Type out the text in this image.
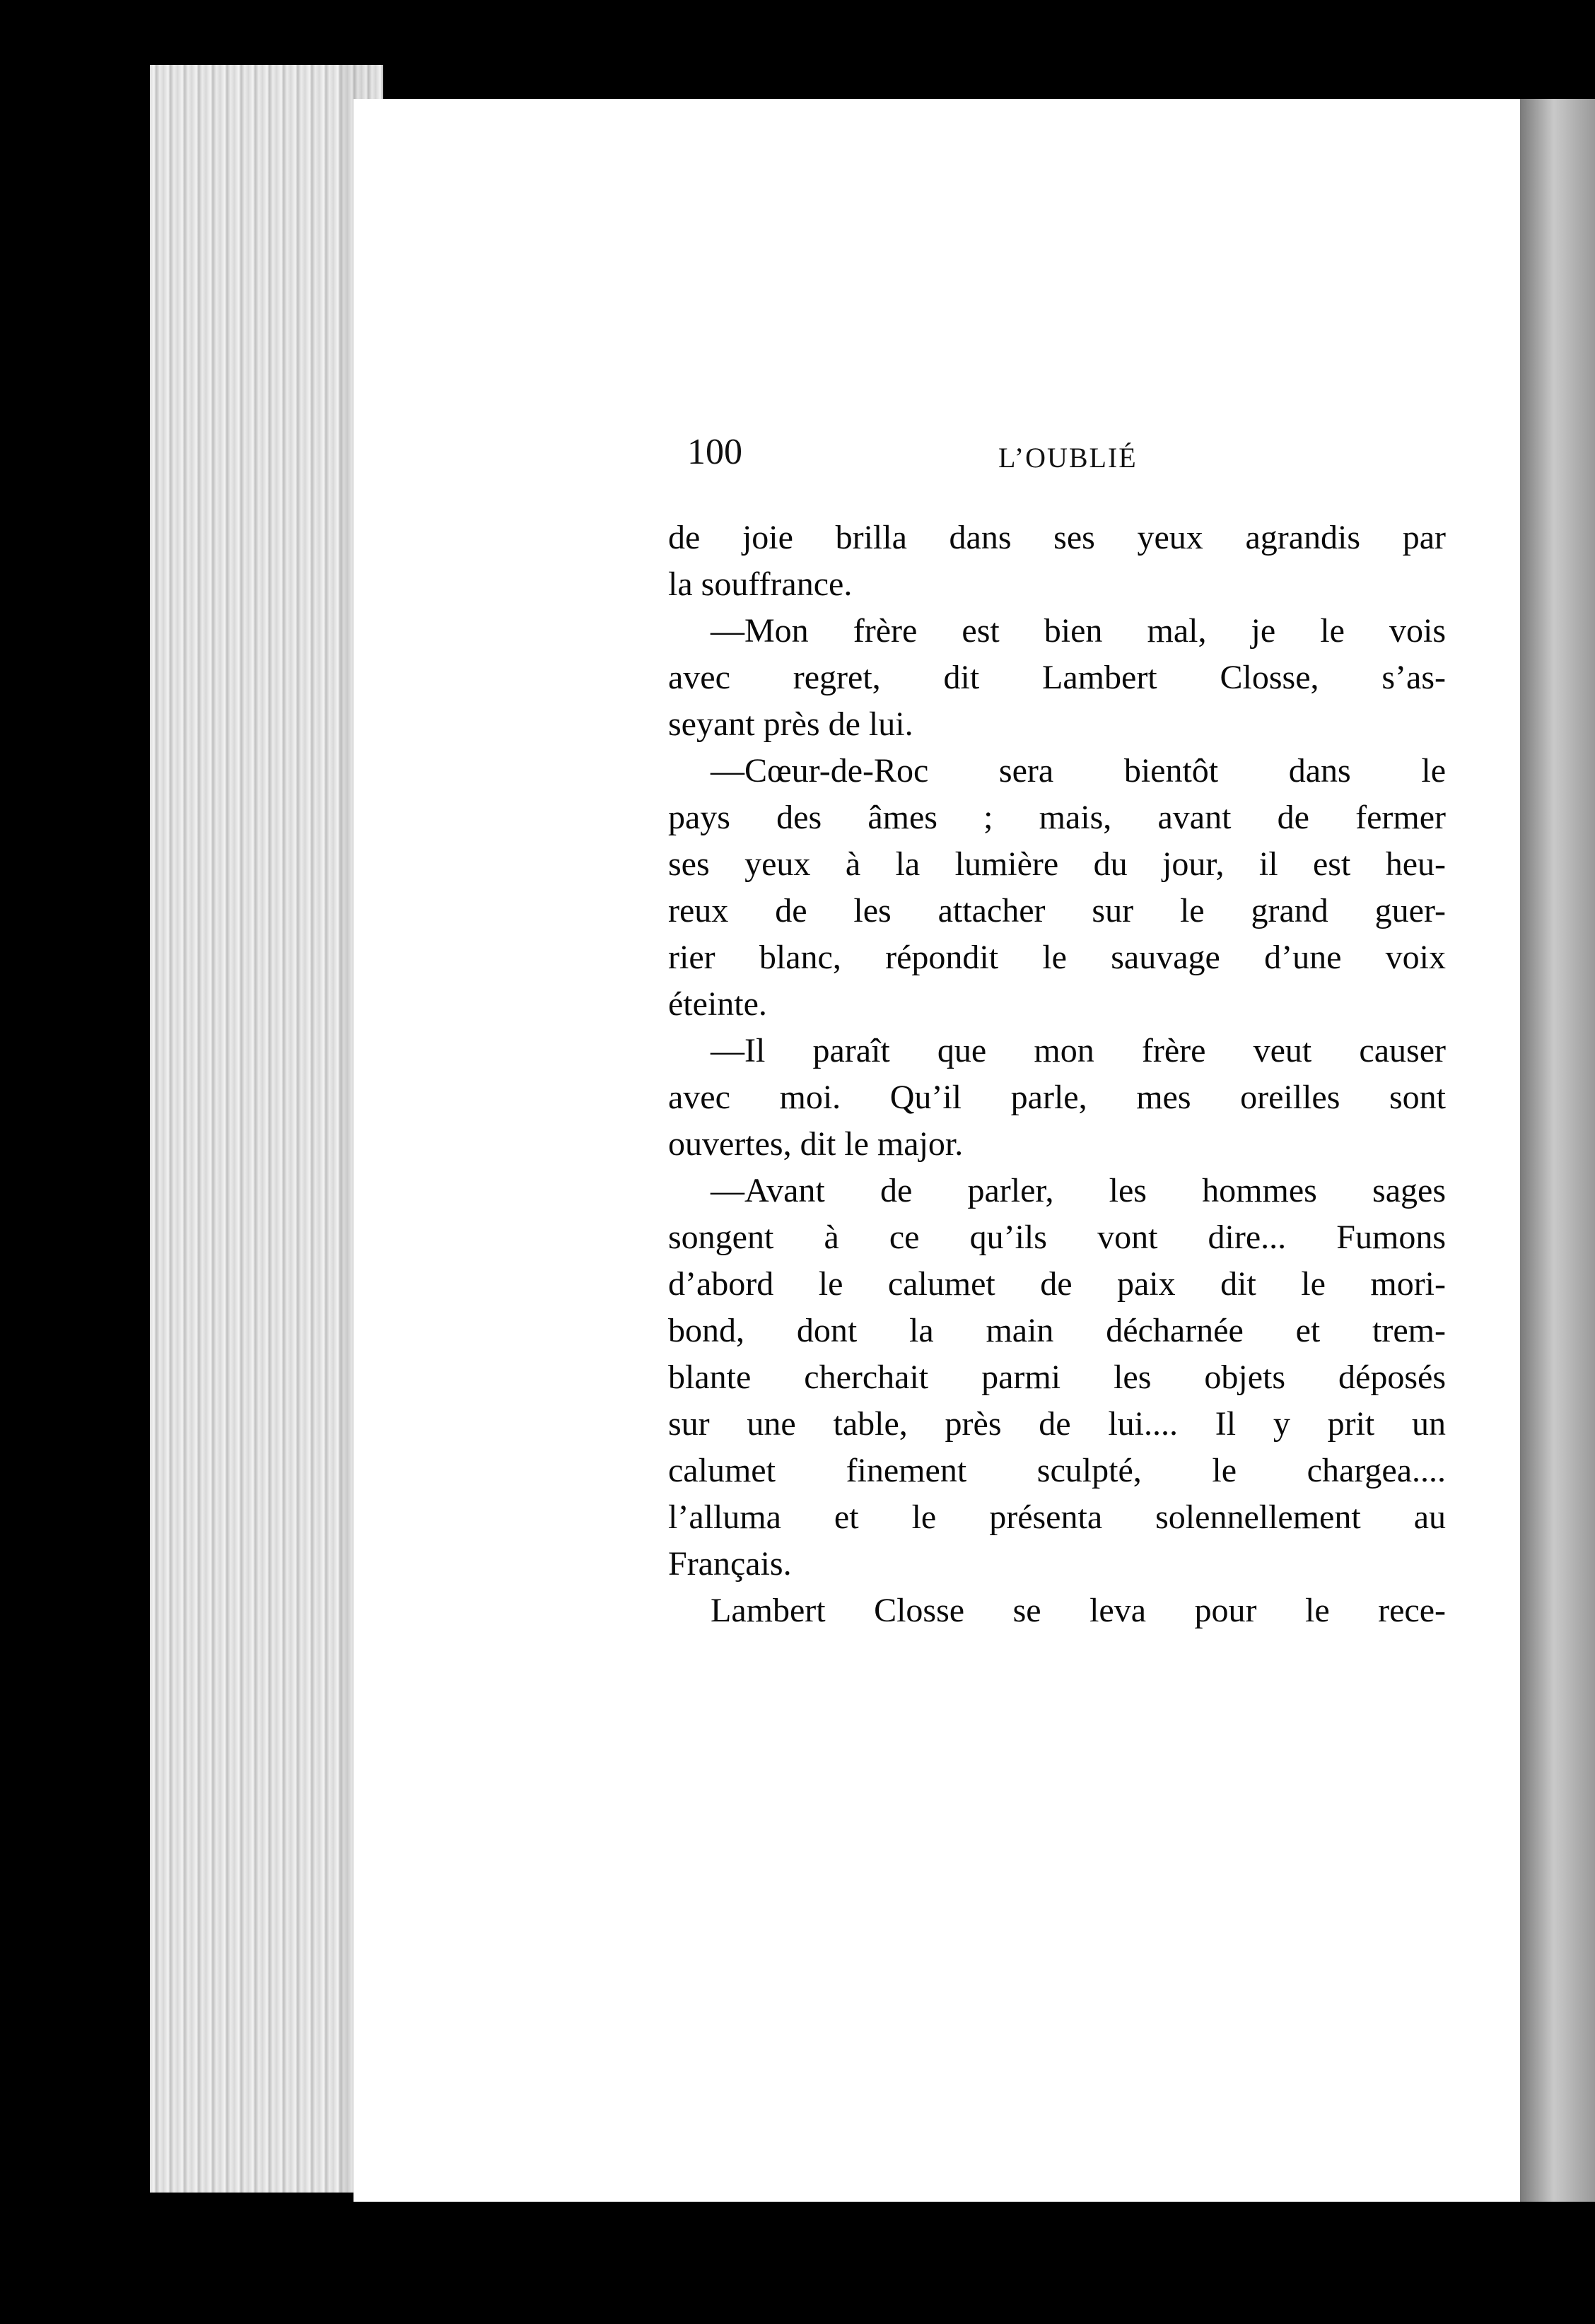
100	L’OUBLIÉ
de joie brilla dans ses yeux agrandis par
la souffrance.
—Mon frère est bien mal, je le vois
avec regret, dit Lambert Closse, s’as-
seyant près de lui.
—Cœur-de-Roc sera bientôt dans le
pays des âmes ; mais, avant de fermer
ses yeux à la lumière du jour, il est heu-
reux de les attacher sur le grand guer-
rier blanc, répondit le sauvage d’une voix
éteinte.
—Il paraît que mon frère veut causer
avec moi. Qu’il parle, mes oreilles sont
ouvertes, dit le major.
—Avant de parler, les hommes sages
songent à ce qu’ils vont dire... Fumons
d’abord le calumet de paix dit le mori-
bond, dont la main décharnée et trem-
blante cherchait parmi les objets déposés
sur une table, près de lui.... Il y prit un
calumet finement sculpté, le chargea....
l’alluma et le présenta solennellement au
Français.
Lambert Closse se leva pour le rece-
